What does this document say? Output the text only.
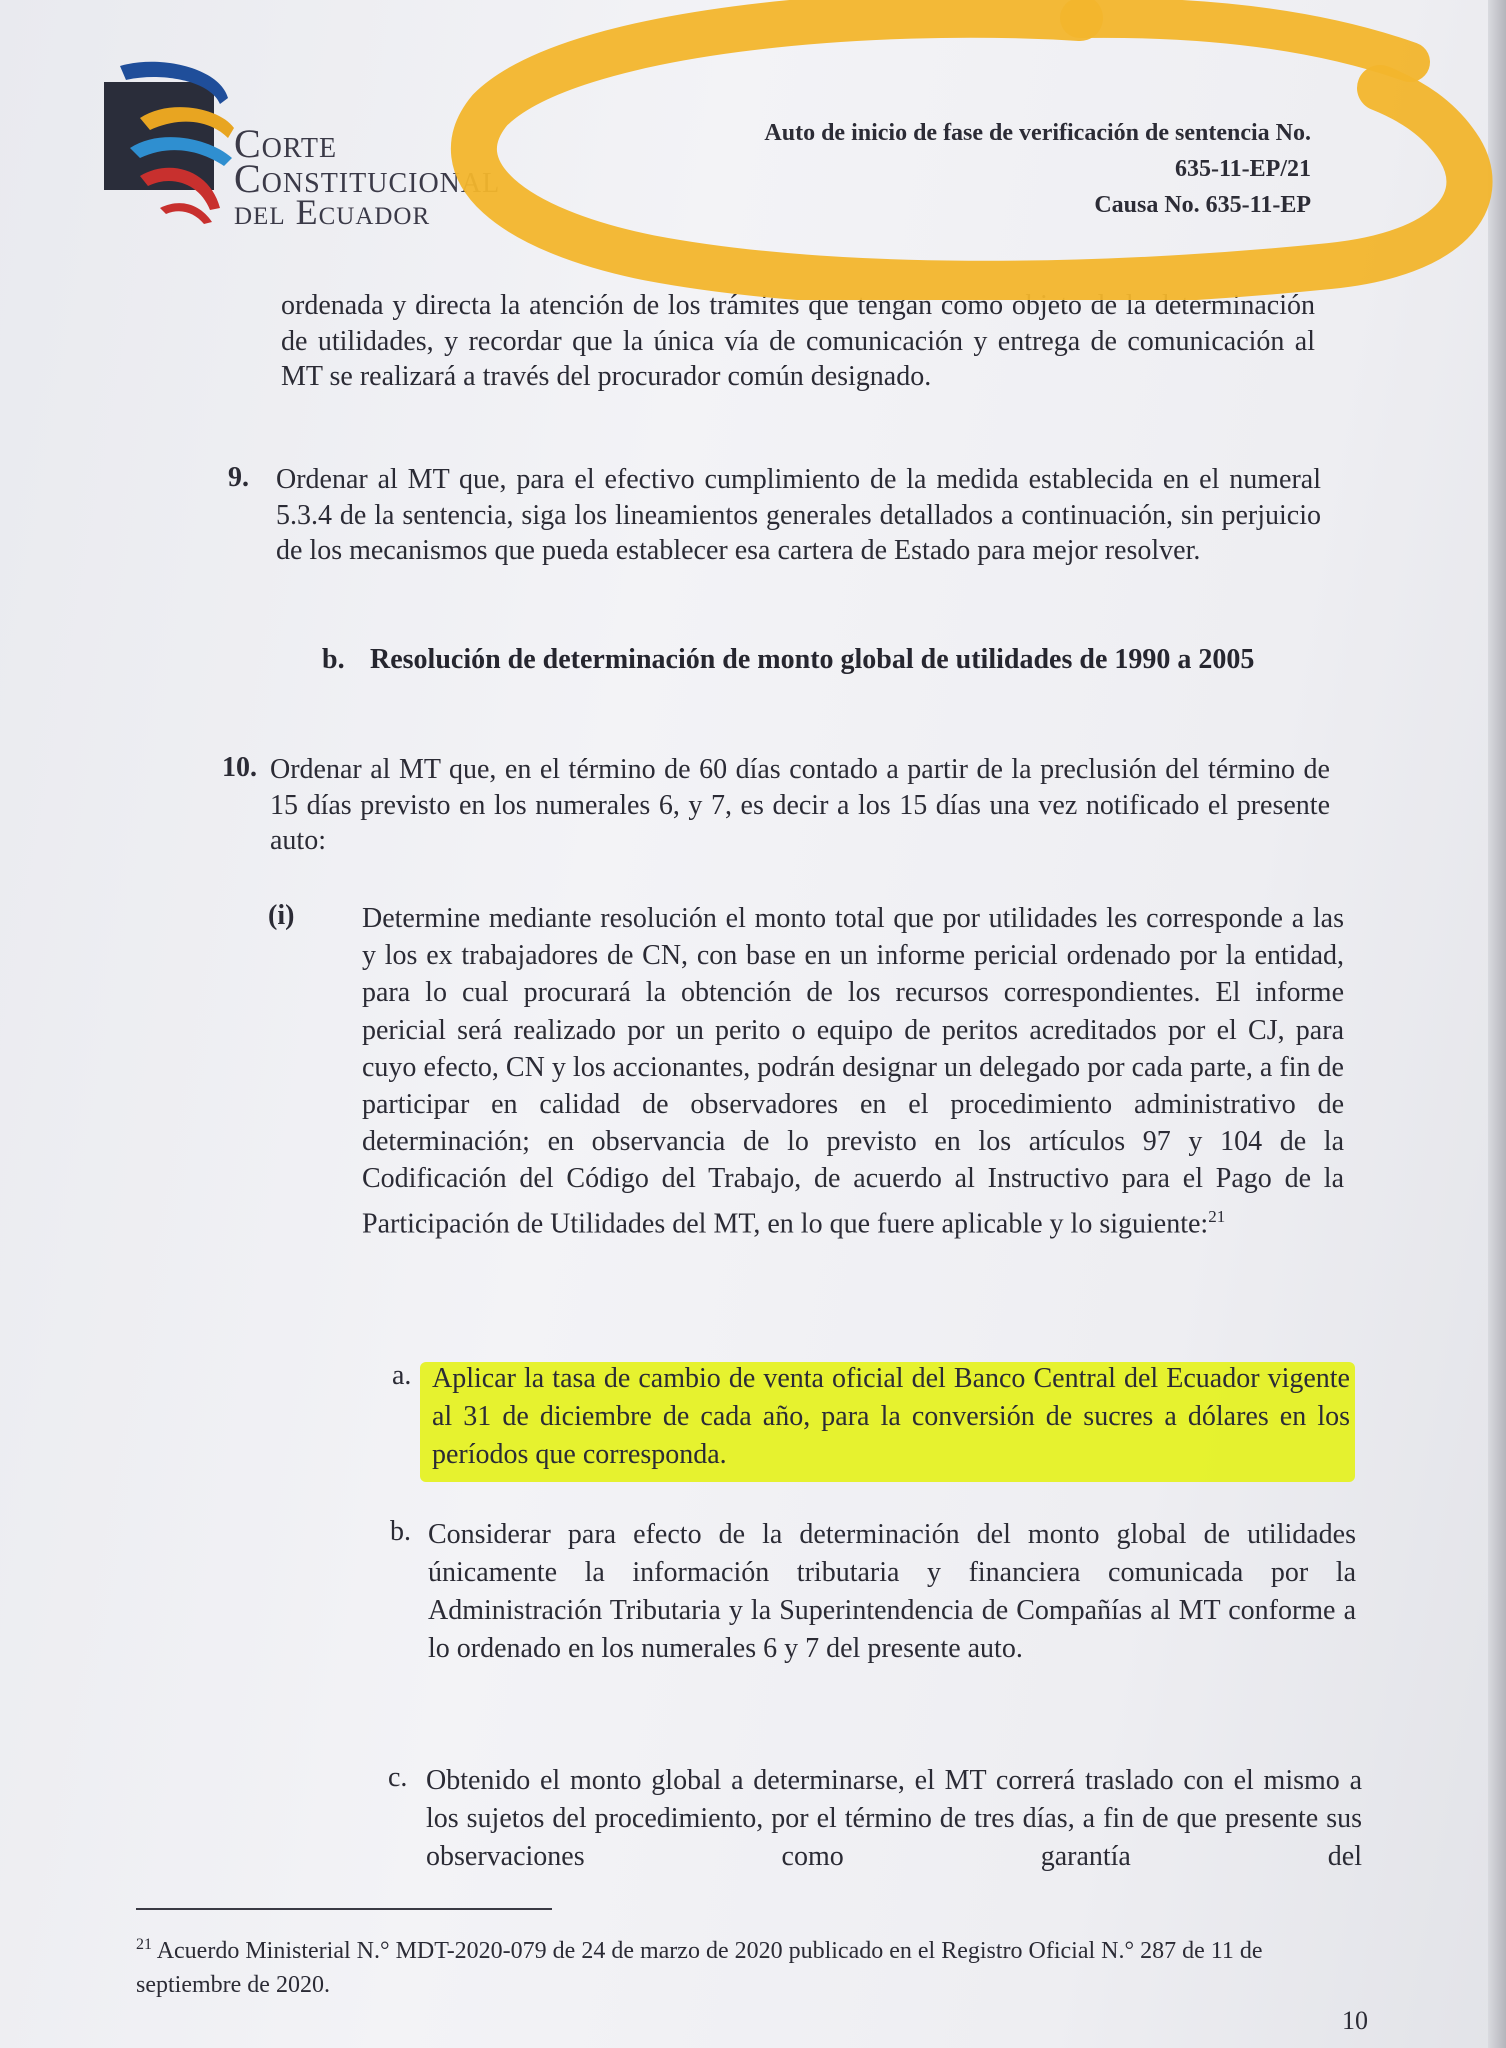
Corte
Constitucional
del Ecuador
Auto de inicio de fase de verificación de sentencia No.
635-11-EP/21
Causa No. 635-11-EP

ordenada y directa la atención de los trámites que tengan como objeto de la determinación de utilidades, y recordar que la única vía de comunicación y entrega de comunicación al MT se realizará a través del procurador común designado.

9. Ordenar al MT que, para el efectivo cumplimiento de la medida establecida en el numeral 5.3.4 de la sentencia, siga los lineamientos generales detallados a continuación, sin perjuicio de los mecanismos que pueda establecer esa cartera de Estado para mejor resolver.

b. Resolución de determinación de monto global de utilidades de 1990 a 2005
10. Ordenar al MT que, en el término de 60 días contado a partir de la preclusión del término de 15 días previsto en los numerales 6, y 7, es decir a los 15 días una vez notificado el presente auto:

(i) Determine mediante resolución el monto total que por utilidades les corresponde a las y los ex trabajadores de CN, con base en un informe pericial ordenado por la entidad, para lo cual procurará la obtención de los recursos correspondientes. El informe pericial será realizado por un perito o equipo de peritos acreditados por el CJ, para cuyo efecto, CN y los accionantes, podrán designar un delegado por cada parte, a fin de participar en calidad de observadores en el procedimiento administrativo de determinación; en observancia de lo previsto en los artículos 97 y 104 de la Codificación del Código del Trabajo, de acuerdo al Instructivo para el Pago de la Participación de Utilidades del MT, en lo que fuere aplicable y lo siguiente:$^{21}$

a. Aplicar la tasa de cambio de venta oficial del Banco Central del Ecuador vigente al 31 de diciembre de cada año, para la conversión de sucres a dólares en los períodos que corresponda.

b. Considerar para efecto de la determinación del monto global de utilidades únicamente la información tributaria y financiera comunicada por la Administración Tributaria y la Superintendencia de Compañías al MT conforme a lo ordenado en los numerales 6 y 7 del presente auto.

c. Obtenido el monto global a determinarse, el MT correrá traslado con el mismo a los sujetos del procedimiento, por el término de tres días, a fin de que presente sus observaciones como garantía del

$^{21}$ Acuerdo Ministerial N.° MDT-2020-079 de 24 de marzo de 2020 publicado en el Registro Oficial N.° 287 de 11 de septiembre de 2020.
10
